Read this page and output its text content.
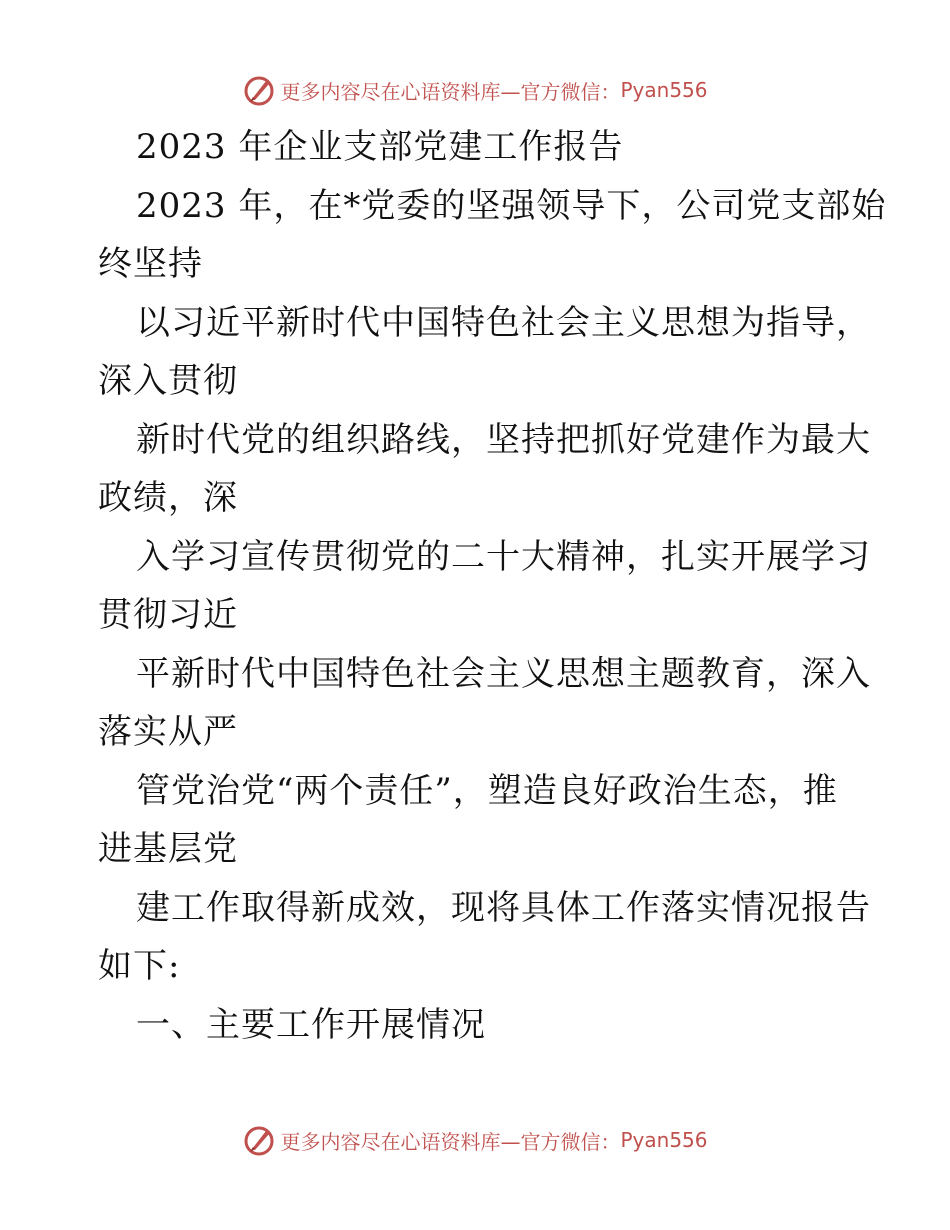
更多内容尽在心语资料库—官方微信： Pyan556
2023 年企业支部党建工作报告
2023 年，在*党委的坚强领导下，公司党支部始
终坚持
以习近平新时代中国特色社会主义思想为指导，
深入贯彻
新时代党的组织路线，坚持把抓好党建作为最大
政绩，深
入学习宣传贯彻党的二十大精神，扎实开展学习
贯彻习近
平新时代中国特色社会主义思想主题教育，深入
落实从严
管党治党“两个责任”，塑造良好政治生态，推
进基层党
建工作取得新成效，现将具体工作落实情况报告
如下:
一、主要工作开展情况
更多内容尽在心语资料库—官方微信： Pyan556
